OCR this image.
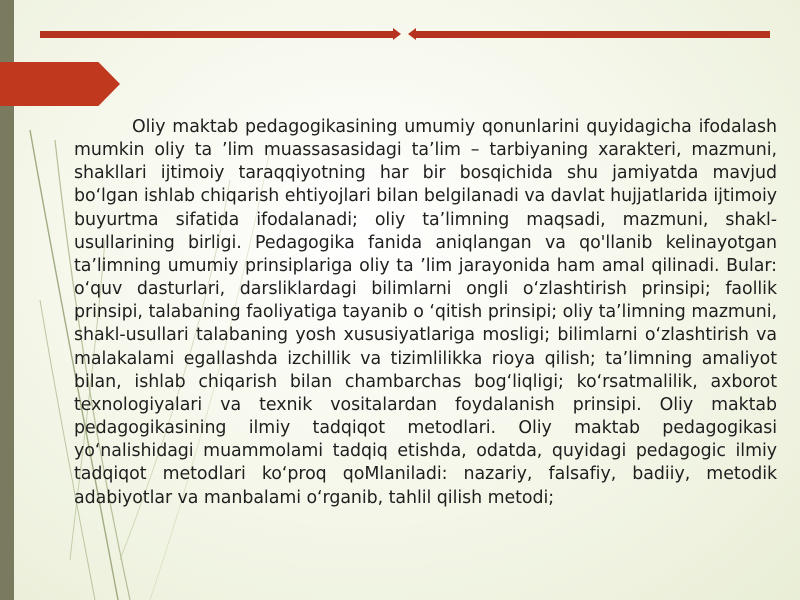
Oliy maktab pedagogikasining umumiy qonunlarini quyidagicha ifodalash mumkin oliy ta ’lim muassasasidagi ta’lim – tarbiyaning xarakteri, mazmuni, shakllari ijtimoiy taraqqiyotning har bir bosqichida shu jamiyatda mavjud bo‘lgan ishlab chiqarish ehtiyojlari bilan belgilanadi va davlat hujjatlarida ijtimoiy buyurtma sifatida ifodalanadi; oliy ta’limning maqsadi, mazmuni, shakl- usullarining birligi. Pedagogika fanida aniqlangan va qo'llanib kelinayotgan ta’limning umumiy prinsiplariga oliy ta ’lim jarayonida ham amal qilinadi. Bular: o‘quv dasturlari, darsliklardagi bilimlarni ongli o‘zlashtirish prinsipi; faollik prinsipi, talabaning faoliyatiga tayanib o ‘qitish prinsipi; oliy ta’limning mazmuni, shakl-usullari talabaning yosh xususiyatlariga mosligi; bilimlarni o‘zlashtirish va malakalami egallashda izchillik va tizimlilikka rioya qilish; ta’limning amaliyot bilan, ishlab chiqarish bilan chambarchas bog‘liqligi; ko‘rsatmalilik, axborot texnologiyalari va texnik vositalardan foydalanish prinsipi. Oliy maktab pedagogikasining ilmiy tadqiqot metodlari. Oliy maktab pedagogikasi yo‘nalishidagi muammolami tadqiq etishda, odatda, quyidagi pedagogic ilmiy tadqiqot metodlari ko‘proq qoMlaniladi: nazariy, falsafiy, badiiy, metodik adabiyotlar va manbalami o‘rganib, tahlil qilish metodi;
